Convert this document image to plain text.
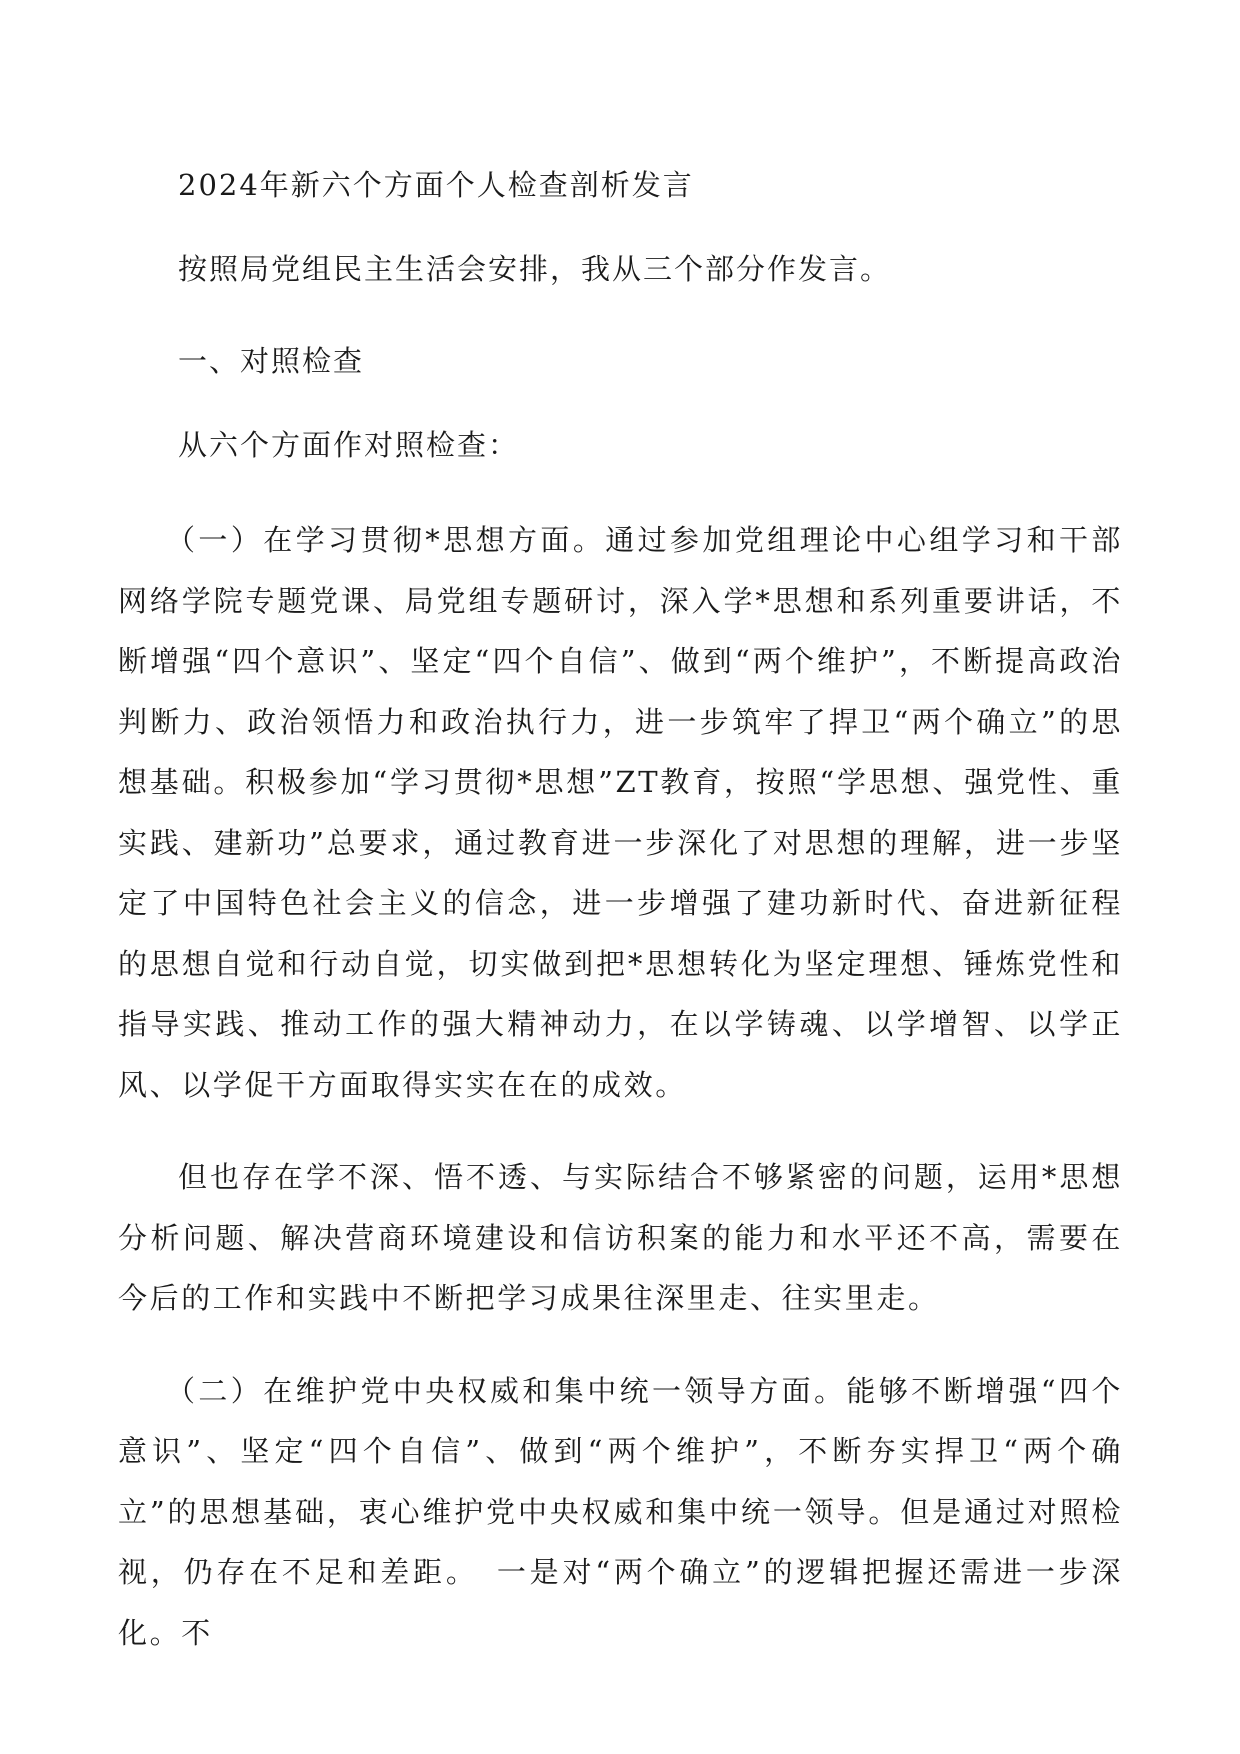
2024年新六个方面个人检查剖析发言

按照局党组民主生活会安排，我从三个部分作发言。

一、对照检查

从六个方面作对照检查：

（一）在学习贯彻*思想方面。通过参加党组理论中心组学习和干部网络学院专题党课、局党组专题研讨，深入学*思想和系列重要讲话，不断增强“四个意识”、坚定“四个自信”、做到“两个维护”，不断提高政治判断力、政治领悟力和政治执行力，进一步筑牢了捍卫“两个确立”的思想基础。积极参加“学习贯彻*思想”ZT教育，按照“学思想、强党性、重实践、建新功”总要求，通过教育进一步深化了对思想的理解，进一步坚定了中国特色社会主义的信念，进一步增强了建功新时代、奋进新征程的思想自觉和行动自觉，切实做到把*思想转化为坚定理想、锤炼党性和指导实践、推动工作的强大精神动力，在以学铸魂、以学增智、以学正风、以学促干方面取得实实在在的成效。

但也存在学不深、悟不透、与实际结合不够紧密的问题，运用*思想分析问题、解决营商环境建设和信访积案的能力和水平还不高，需要在今后的工作和实践中不断把学习成果往深里走、往实里走。

（二）在维护党中央权威和集中统一领导方面。能够不断增强“四个意识”、坚定“四个自信”、做到“两个维护”，不断夯实捍卫“两个确立”的思想基础，衷心维护党中央权威和集中统一领导。但是通过对照检视，仍存在不足和差距。　一是对“两个确立”的逻辑把握还需进一步深化。不
